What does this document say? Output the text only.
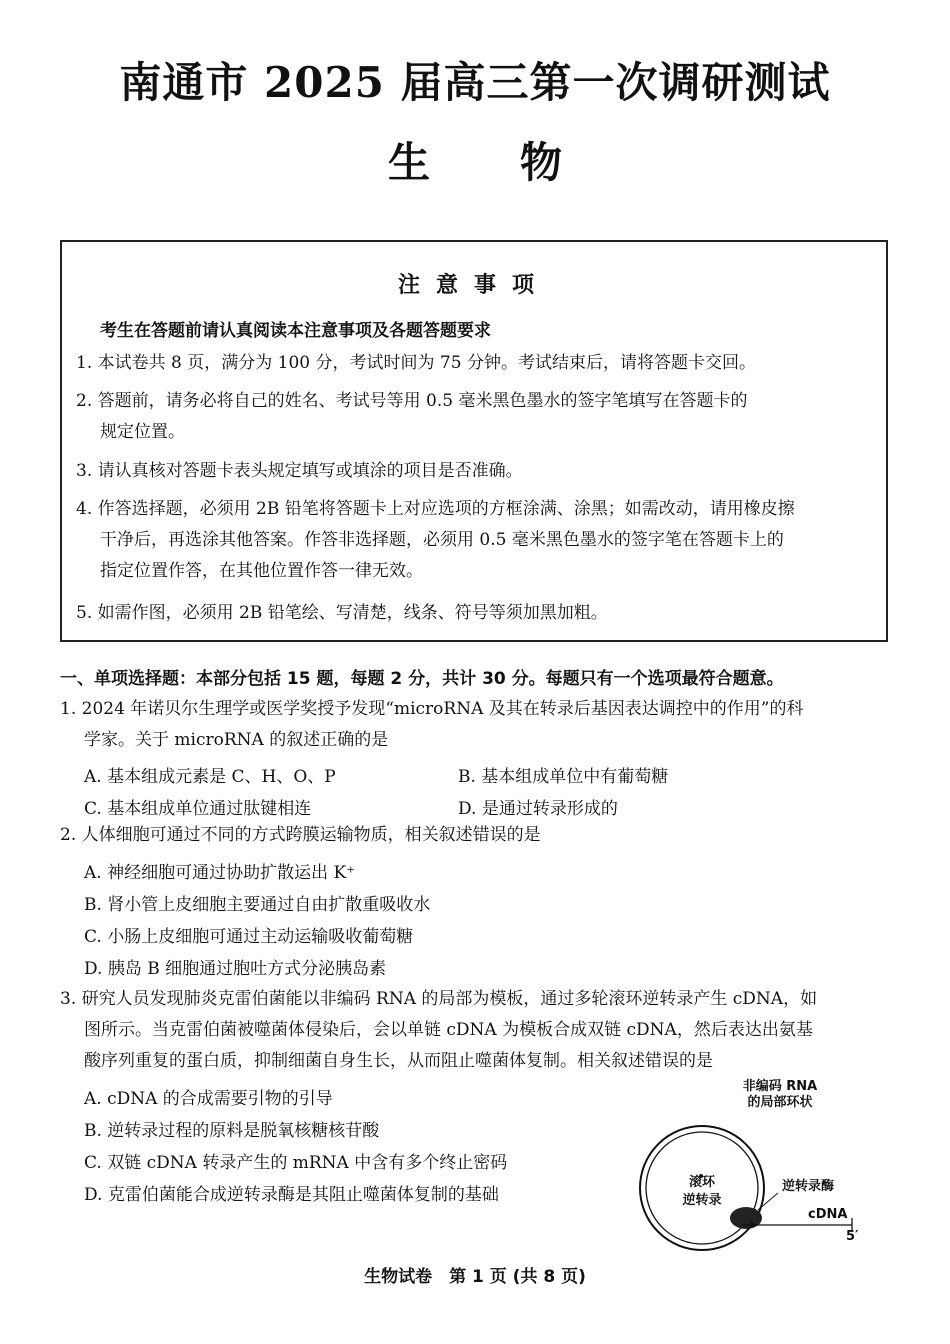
南通市 2025 届高三第一次调研测试
生物
注意事项
考生在答题前请认真阅读本注意事项及各题答题要求
1. 本试卷共 8 页，满分为 100 分，考试时间为 75 分钟。考试结束后，请将答题卡交回。
2. 答题前，请务必将自己的姓名、考试号等用 0.5 毫米黑色墨水的签字笔填写在答题卡的
规定位置。
3. 请认真核对答题卡表头规定填写或填涂的项目是否准确。
4. 作答选择题，必须用 2B 铅笔将答题卡上对应选项的方框涂满、涂黑；如需改动，请用橡皮擦
干净后，再选涂其他答案。作答非选择题，必须用 0.5 毫米黑色墨水的签字笔在答题卡上的
指定位置作答，在其他位置作答一律无效。
5. 如需作图，必须用 2B 铅笔绘、写清楚，线条、符号等须加黑加粗。
一、单项选择题：本部分包括 15 题，每题 2 分，共计 30 分。每题只有一个选项最符合题意。
1. 2024 年诺贝尔生理学或医学奖授予发现“microRNA 及其在转录后基因表达调控中的作用”的科
学家。关于 microRNA 的叙述正确的是
A. 基本组成元素是 C、H、O、P	B. 基本组成单位中有葡萄糖
C. 基本组成单位通过肽键相连	D. 是通过转录形成的
2. 人体细胞可通过不同的方式跨膜运输物质，相关叙述错误的是
A. 神经细胞可通过协助扩散运出 K⁺
B. 肾小管上皮细胞主要通过自由扩散重吸收水
C. 小肠上皮细胞可通过主动运输吸收葡萄糖
D. 胰岛 B 细胞通过胞吐方式分泌胰岛素
3. 研究人员发现肺炎克雷伯菌能以非编码 RNA 的局部为模板，通过多轮滚环逆转录产生 cDNA，如
图所示。当克雷伯菌被噬菌体侵染后，会以单链 cDNA 为模板合成双链 cDNA，然后表达出氨基
酸序列重复的蛋白质，抑制细菌自身生长，从而阻止噬菌体复制。相关叙述错误的是
A. cDNA 的合成需要引物的引导
B. 逆转录过程的原料是脱氧核糖核苷酸
C. 双链 cDNA 转录产生的 mRNA 中含有多个终止密码
D. 克雷伯菌能合成逆转录酶是其阻止噬菌体复制的基础
非编码 RNA
的局部环状
滚环
逆转录
逆转录酶
cDNA
5′
生物试卷　第 1 页 (共 8 页)
